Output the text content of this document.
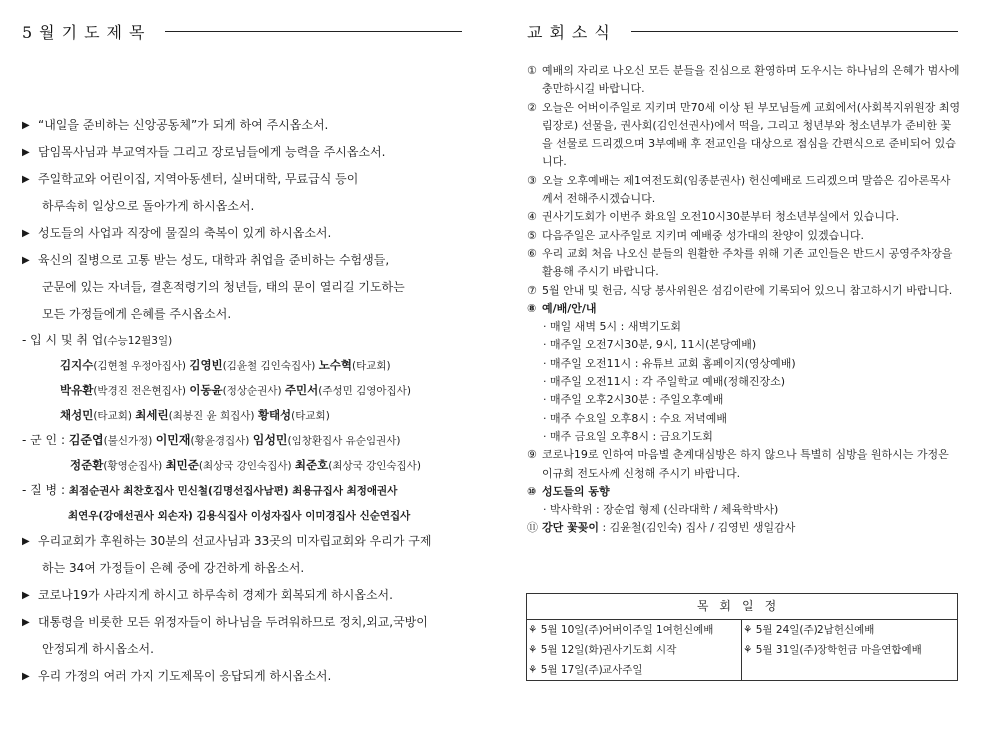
5월기도제목	교회소식
▶ “내일을 준비하는 신앙공동체”가 되게 하여 주시옵소서.
▶ 담임목사님과 부교역자들 그리고 장로님들에게 능력을 주시옵소서.
▶ 주일학교와 어린이집, 지역아동센터, 실버대학, 무료급식 등이
하루속히 일상으로 돌아가게 하시옵소서.
▶ 성도들의 사업과 직장에 물질의 축복이 있게 하시옵소서.
▶ 육신의 질병으로 고통 받는 성도, 대학과 취업을 준비하는 수험생들,
군문에 있는 자녀들, 결혼적령기의 청년들, 태의 문이 열리길 기도하는
모든 가정들에게 은혜를 주시옵소서.
- 입 시 및 취 업(수능12월3일)
김지수(김현철 우정아집사) 김영빈(김윤철 김인숙집사) 노수혁(타교회)
박유환(박경진 전은현집사) 이동윤(정상순권사) 주민서(주성민 김영아집사)
채성민(타교회) 최세린(최봉진 윤 희집사) 황태성(타교회)
- 군 인 : 김준엽(불신가정) 이민재(황윤경집사) 임성민(임창환집사 유순임권사)
정준환(황영순집사) 최민준(최상국 강인숙집사) 최준호(최상국 강인숙집사)
- 질 병 : 최점순권사 최찬호집사 민신철(김명선집사남편) 최용규집사 최정애권사
최연우(강애선권사 외손자) 김용식집사 이성자집사 이미경집사 신순연집사
▶ 우리교회가 후원하는 30분의 선교사님과 33곳의 미자립교회와 우리가 구제
하는 34여 가정들이 은혜 중에 강건하게 하옵소서.
▶ 코로나19가 사라지게 하시고 하루속히 경제가 회복되게 하시옵소서.
▶ 대통령을 비롯한 모든 위정자들이 하나님을 두려워하므로 정치,외교,국방이
안정되게 하시옵소서.
▶ 우리 가정의 여러 가지 기도제목이 응답되게 하시옵소서.
① 예배의 자리로 나오신 모든 분들을 진심으로 환영하며 도우시는 하나님의 은혜가 범사에 충만하시길 바랍니다.
② 오늘은 어버이주일로 지키며 만70세 이상 된 부모님들께 교회에서(사회복지위원장 최영림장로) 선물을, 권사회(김인선권사)에서 떡을, 그리고 청년부와 청소년부가 준비한 꽃을 선물로 드리겠으며 3부예배 후 전교인을 대상으로 점심을 간편식으로 준비되어 있습니다.
③ 오늘 오후예배는 제1여전도회(임종분권사) 헌신예배로 드리겠으며 말씀은 김아론목사께서 전해주시겠습니다.
④ 권사기도회가 이번주 화요일 오전10시30분부터 청소년부실에서 있습니다.
⑤ 다음주일은 교사주일로 지키며 예배중 성가대의 찬양이 있겠습니다.
⑥ 우리 교회 처음 나오신 분들의 원활한 주차를 위해 기존 교인들은 반드시 공영주차장을 활용해 주시기 바랍니다.
⑦ 5월 안내 및 헌금, 식당 봉사위원은 섬김이란에 기록되어 있으니 참고하시기 바랍니다.
⑧ 예/배/안/내
· 매일 새벽 5시 : 새벽기도회
· 매주일 오전7시30분, 9시, 11시(본당예배)
· 매주일 오전11시 : 유튜브 교회 홈페이지(영상예배)
· 매주일 오전11시 : 각 주일학교 예배(정해진장소)
· 매주일 오후2시30분 : 주일오후예배
· 매주 수요일 오후8시 : 수요 저녁예배
· 매주 금요일 오후8시 : 금요기도회
⑨ 코로나19로 인하여 마음별 춘계대심방은 하지 않으나 특별히 심방을 원하시는 가정은 이규희 전도사께 신청해 주시기 바랍니다.
⑩ 성도들의 동향
· 박사학위 : 장순업 형제 (신라대학 / 체육학박사)
⑪ 강단 꽃꽂이 : 김윤철(김인숙) 집사 / 김영빈 생일감사
목회일정
⚘ 5월 10일(주)어버이주일 1여헌신예배
⚘ 5월 12일(화)권사기도회 시작
⚘ 5월 17일(주)교사주일
⚘ 5월 24일(주)2남헌신예배
⚘ 5월 31일(주)장학헌금 마을연합예배
